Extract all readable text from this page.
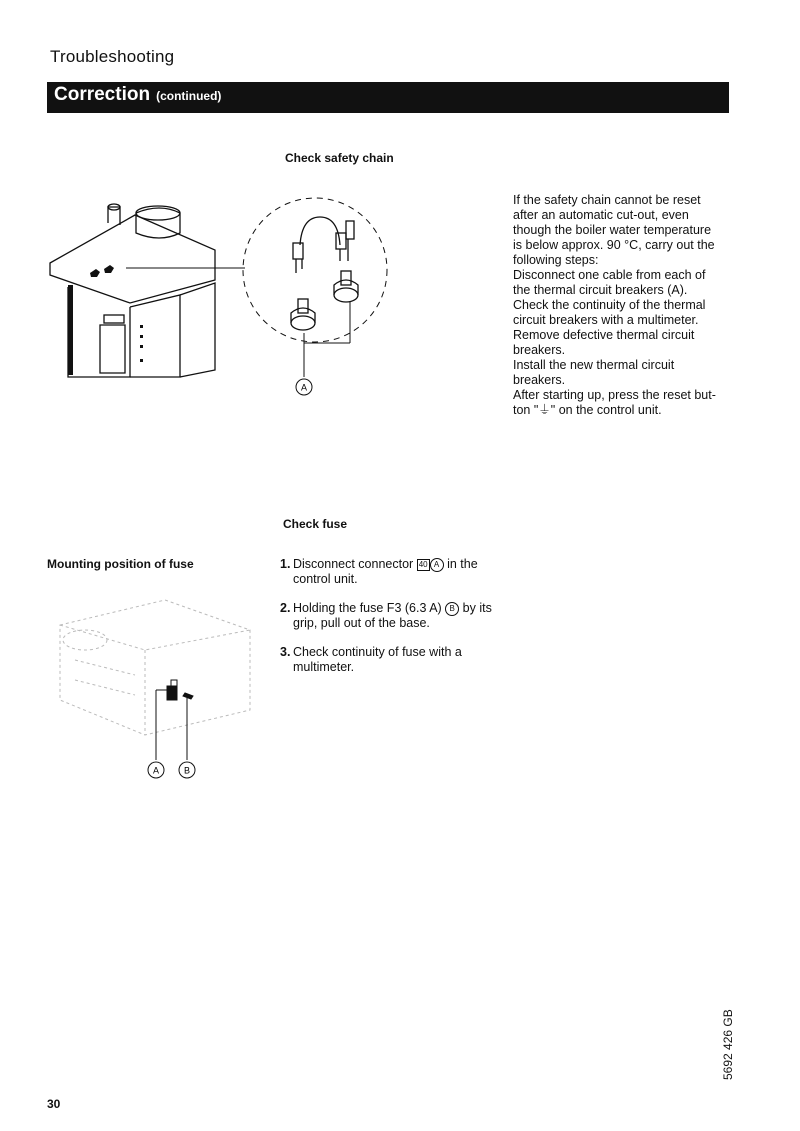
Troubleshooting
Correction (continued)
Check safety chain
A
If the safety chain cannot be reset
after an automatic cut-out, even
though the boiler water temperature
is below approx. 90 °C, carry out the
following steps:
Disconnect one cable from each of
the thermal circuit breakers (A).
Check the continuity of the thermal
circuit breakers with a multimeter.
Remove defective thermal circuit
breakers.
Install the new thermal circuit
breakers.
After starting up, press the reset but-
ton "⏚" on the control unit.
Check fuse
Mounting position of fuse
A	B
1. Disconnect connector 40 A in the control unit.
2. Holding the fuse F3 (6.3 A) B by its grip, pull out of the base.
3. Check continuity of fuse with a multimeter.
5692 426 GB
30
